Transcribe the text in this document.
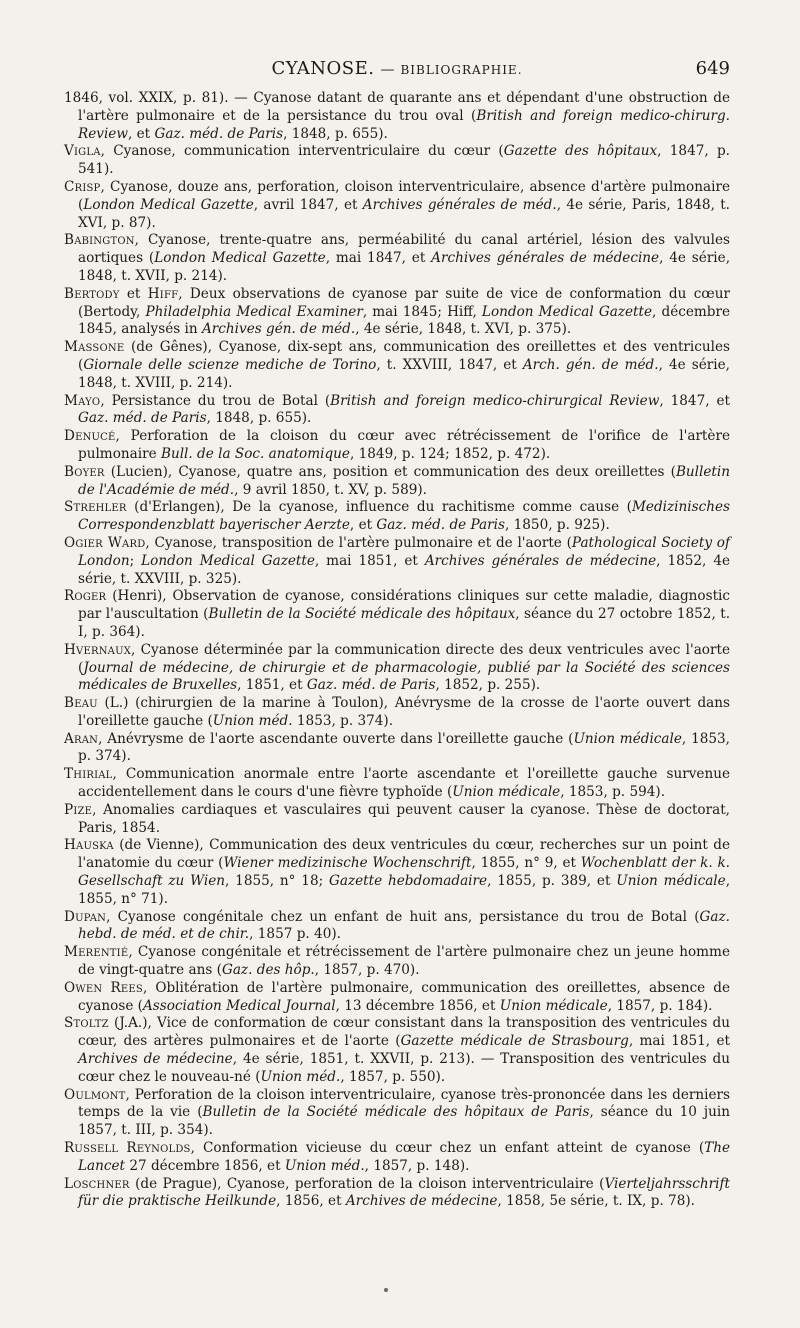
CYANOSE. — BIBLIOGRAPHIE.	649

1846, vol. XXIX, p. 81). — Cyanose datant de quarante ans et dépendant d'une obstruction de l'artère pulmonaire et de la persistance du trou oval (British and foreign medico-chirurg. Review, et Gaz. méd. de Paris, 1848, p. 655).

Vigla, Cyanose, communication interventriculaire du cœur (Gazette des hôpitaux, 1847, p. 541).

Crisp, Cyanose, douze ans, perforation, cloison interventriculaire, absence d'artère pulmonaire (London Medical Gazette, avril 1847, et Archives générales de méd., 4e série, Paris, 1848, t. XVI, p. 87).

Babington, Cyanose, trente-quatre ans, perméabilité du canal artériel, lésion des valvules aortiques (London Medical Gazette, mai 1847, et Archives générales de médecine, 4e série, 1848, t. XVII, p. 214).

Bertody et Hiff, Deux observations de cyanose par suite de vice de conformation du cœur (Bertody, Philadelphia Medical Examiner, mai 1845; Hiff, London Medical Gazette, décembre 1845, analysés in Archives gén. de méd., 4e série, 1848, t. XVI, p. 375).

Massone (de Gênes), Cyanose, dix-sept ans, communication des oreillettes et des ventricules (Giornale delle scienze mediche de Torino, t. XXVIII, 1847, et Arch. gén. de méd., 4e série, 1848, t. XVIII, p. 214).

Mayo, Persistance du trou de Botal (British and foreign medico-chirurgical Review, 1847, et Gaz. méd. de Paris, 1848, p. 655).

Denucé, Perforation de la cloison du cœur avec rétrécissement de l'orifice de l'artère pulmonaire Bull. de la Soc. anatomique, 1849, p. 124; 1852, p. 472).

Boyer (Lucien), Cyanose, quatre ans, position et communication des deux oreillettes (Bulletin de l'Académie de méd., 9 avril 1850, t. XV, p. 589).

Strehler (d'Erlangen), De la cyanose, influence du rachitisme comme cause (Medizinisches Correspondenzblatt bayerischer Aerzte, et Gaz. méd. de Paris, 1850, p. 925).

Ogier Ward, Cyanose, transposition de l'artère pulmonaire et de l'aorte (Pathological Society of London; London Medical Gazette, mai 1851, et Archives générales de médecine, 1852, 4e série, t. XXVIII, p. 325).

Roger (Henri), Observation de cyanose, considérations cliniques sur cette maladie, diagnostic par l'auscultation (Bulletin de la Société médicale des hôpitaux, séance du 27 octobre 1852, t. I, p. 364).

Hvernaux, Cyanose déterminée par la communication directe des deux ventricules avec l'aorte (Journal de médecine, de chirurgie et de pharmacologie, publié par la Société des sciences médicales de Bruxelles, 1851, et Gaz. méd. de Paris, 1852, p. 255).

Beau (L.) (chirurgien de la marine à Toulon), Anévrysme de la crosse de l'aorte ouvert dans l'oreillette gauche (Union méd. 1853, p. 374).

Aran, Anévrysme de l'aorte ascendante ouverte dans l'oreillette gauche (Union médicale, 1853, p. 374).

Thirial, Communication anormale entre l'aorte ascendante et l'oreillette gauche survenue accidentellement dans le cours d'une fièvre typhoïde (Union médicale, 1853, p. 594).

Pize, Anomalies cardiaques et vasculaires qui peuvent causer la cyanose. Thèse de doctorat, Paris, 1854.

Hauska (de Vienne), Communication des deux ventricules du cœur, recherches sur un point de l'anatomie du cœur (Wiener medizinische Wochenschrift, 1855, n° 9, et Wochenblatt der k. k. Gesellschaft zu Wien, 1855, n° 18; Gazette hebdomadaire, 1855, p. 389, et Union médicale, 1855, n° 71).

Dupan, Cyanose congénitale chez un enfant de huit ans, persistance du trou de Botal (Gaz. hebd. de méd. et de chir., 1857 p. 40).

Merentié, Cyanose congénitale et rétrécissement de l'artère pulmonaire chez un jeune homme de vingt-quatre ans (Gaz. des hôp., 1857, p. 470).

Owen Rees, Oblitération de l'artère pulmonaire, communication des oreillettes, absence de cyanose (Association Medical Journal, 13 décembre 1856, et Union médicale, 1857, p. 184).

Stoltz (J.A.), Vice de conformation de cœur consistant dans la transposition des ventricules du cœur, des artères pulmonaires et de l'aorte (Gazette médicale de Strasbourg, mai 1851, et Archives de médecine, 4e série, 1851, t. XXVII, p. 213). — Transposition des ventricules du cœur chez le nouveau-né (Union méd., 1857, p. 550).

Oulmont, Perforation de la cloison interventriculaire, cyanose très-prononcée dans les derniers temps de la vie (Bulletin de la Société médicale des hôpitaux de Paris, séance du 10 juin 1857, t. III, p. 354).

Russell Reynolds, Conformation vicieuse du cœur chez un enfant atteint de cyanose (The Lancet 27 décembre 1856, et Union méd., 1857, p. 148).

Loschner (de Prague), Cyanose, perforation de la cloison interventriculaire (Vierteljahrsschrift für die praktische Heilkunde, 1856, et Archives de médecine, 1858, 5e série, t. IX, p. 78).
